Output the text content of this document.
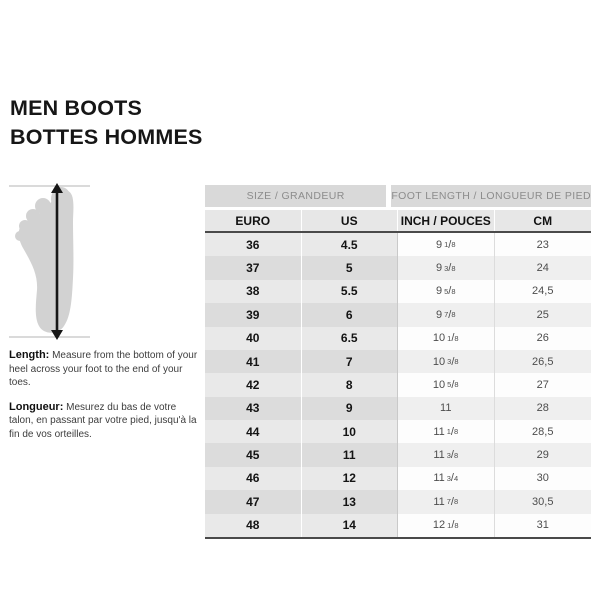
MEN BOOTS
BOTTES HOMMES

Length: Measure from the bottom of your heel across your foot to the end of your toes.

Longueur: Mesurez du bas de votre talon, en passant par votre pied, jusqu'à la fin de vos orteilles.

SIZE / GRANDEUR	FOOT LENGTH / LONGUEUR DE PIED
EURO	US	INCH / POUCES	CM
36	4.5	9 1 / 8	23
37	5	9 3 / 8	24
38	5.5	9 5 / 8	24,5
39	6	9 7 / 8	25
40	6.5	10 1 / 8	26
41	7	10 3 / 8	26,5
42	8	10 5 / 8	27
43	9	11	28
44	10	11 1 / 8	28,5
45	11	11 3 / 8	29
46	12	11 3 / 4	30
47	13	11 7 / 8	30,5
48	14	12 1 / 8	31
